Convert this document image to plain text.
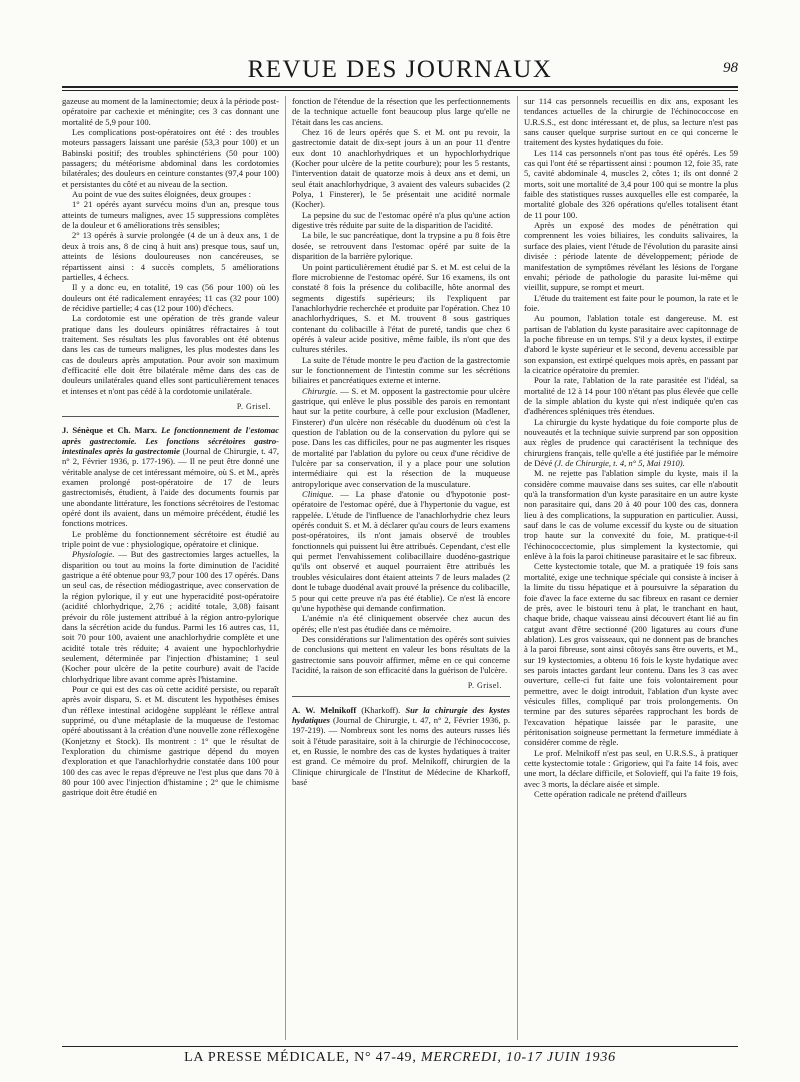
REVUE DES JOURNAUX	98

gazeuse au moment de la laminectomie; deux à la période post-opératoire par cachexie et méningite; ces 3 cas donnant une mortalité de 5,9 pour 100.

Les complications post-opératoires ont été : des troubles moteurs passagers laissant une parésie (53,3 pour 100) et un Babinski positif; des troubles sphinctériens (50 pour 100) passagers; du météorisme abdominal dans les cordotomies bilatérales; des douleurs en ceinture constantes (97,4 pour 100) et persistantes du côté et au niveau de la section.

Au point de vue des suites éloignées, deux groupes :

1° 21 opérés ayant survécu moins d'un an, presque tous atteints de tumeurs malignes, avec 15 suppressions complètes de la douleur et 6 améliorations très sensibles;

2° 13 opérés à survie prolongée (4 de un à deux ans, 1 de deux à trois ans, 8 de cinq à huit ans) presque tous, sauf un, atteints de lésions douloureuses non cancéreuses, se répartissent ainsi : 4 succès complets, 5 améliorations partielles, 4 échecs.

Il y a donc eu, en totalité, 19 cas (56 pour 100) où les douleurs ont été radicalement enrayées; 11 cas (32 pour 100) de récidive partielle; 4 cas (12 pour 100) d'échecs.

La cordotomie est une opération de très grande valeur pratique dans les douleurs opiniâtres réfractaires à tout traitement. Ses résultats les plus favorables ont été obtenus dans les cas de tumeurs malignes, les plus modestes dans les cas de douleurs après amputation. Pour avoir son maximum d'efficacité elle doit être bilatérale même dans des cas de douleurs unilatérales quand elles sont particulièrement tenaces et intenses et n'ont pas cédé à la cordotomie unilatérale.

P. Grisel.

J. Sénèque et Ch. Marx. Le fonctionnement de l'estomac après gastrectomie. Les fonctions sécrétoires gastro-intestinales après la gastrectomie (Journal de Chirurgie, t. 47, n° 2, Février 1936, p. 177-196). — Il ne peut être donné une véritable analyse de cet intéressant mémoire, où S. et M., après examen prolongé post-opératoire de 17 de leurs gastrectomisés, étudient, à l'aide des documents fournis par une abondante littérature, les fonctions sécrétoires de l'estomac opéré dont ils avaient, dans un mémoire précédent, étudié les fonctions motrices.

Le problème du fonctionnement sécrétoire est étudié au triple point de vue : physiologique, opératoire et clinique.

Physiologie. — But des gastrectomies larges actuelles, la disparition ou tout au moins la forte diminution de l'acidité gastrique a été obtenue pour 93,7 pour 100 des 17 opérés. Dans un seul cas, de résection médiogastrique, avec conservation de la région pylorique, il y eut une hyperacidité post-opératoire (acidité chlorhydrique, 2,76 ; acidité totale, 3,08) faisant prévoir du rôle justement attribué à la région antro-pylorique dans la sécrétion acide du fundus. Parmi les 16 autres cas, 11, soit 70 pour 100, avaient une anachlorhydrie complète et une acidité totale très réduite; 4 avaient une hypochlorhydrie seulement, déterminée par l'injection d'histamine; 1 seul (Kocher pour ulcère de la petite courbure) avait de l'acide chlorhydrique libre avant comme après l'histamine.

Pour ce qui est des cas où cette acidité persiste, ou reparaît après avoir disparu, S. et M. discutent les hypothèses émises d'un réflexe intestinal acidogène suppléant le réflexe antral supprimé, ou d'une métaplasie de la muqueuse de l'estomac opéré aboutissant à la création d'une nouvelle zone réflexogène (Konjetzny et Stock). Ils montrent : 1° que le résultat de l'exploration du chimisme gastrique dépend du moyen d'exploration et que l'anachlorhydrie constatée dans 100 pour 100 des cas avec le repas d'épreuve ne l'est plus que dans 70 à 80 pour 100 avec l'injection d'histamine ; 2° que le chimisme gastrique doit être étudié en

fonction de l'étendue de la résection que les perfectionnements de la technique actuelle font beaucoup plus large qu'elle ne l'était dans les cas anciens.

Chez 16 de leurs opérés que S. et M. ont pu revoir, la gastrectomie datait de dix-sept jours à un an pour 11 d'entre eux dont 10 anachlorhydriques et un hypochlorhydrique (Kocher pour ulcère de la petite courbure); pour les 5 restants, l'intervention datait de quatorze mois à deux ans et demi, un seul était anachlorhydrique, 3 avaient des valeurs subacides (2 Polya, 1 Finsterer), le 5e présentait une acidité normale (Kocher).

La pepsine du suc de l'estomac opéré n'a plus qu'une action digestive très réduite par suite de la disparition de l'acidité.

La bile, le suc pancréatique, dont la trypsine a pu 8 fois être dosée, se retrouvent dans l'estomac opéré par suite de la disparition de la barrière pylorique.

Un point particulièrement étudié par S. et M. est celui de la flore microbienne de l'estomac opéré. Sur 16 examens, ils ont constaté 8 fois la présence du colibacille, hôte anormal des segments digestifs supérieurs; ils l'expliquent par l'anachlorhydrie recherchée et produite par l'opération. Chez 10 anachlorhydriques, S. et M. trouvent 8 sous gastriques contenant du colibacille à l'état de pureté, tandis que chez 6 opérés à valeur acide positive, même faible, ils n'ont que des cultures stériles.

La suite de l'étude montre le peu d'action de la gastrectomie sur le fonctionnement de l'intestin comme sur les sécrétions biliaires et pancréatiques externe et interne.

Chirurgie. — S. et M. opposent la gastrectomie pour ulcère gastrique, qui enlève le plus possible des parois en remontant haut sur la petite courbure, à celle pour exclusion (Madlener, Finsterer) d'un ulcère non résécable du duodénum où c'est la question de l'ablation ou de la conservation du pylore qui se pose. Dans les cas difficiles, pour ne pas augmenter les risques de mortalité par l'ablation du pylore ou ceux d'une récidive de l'ulcère par sa conservation, il y a place pour une solution intermédiaire qui est la résection de la muqueuse antropylorique avec conservation de la musculature.

Clinique. — La phase d'atonie ou d'hypotonie post-opératoire de l'estomac opéré, due à l'hypertonie du vague, est rappelée. L'étude de l'influence de l'anachlorhydrie chez leurs opérés conduit S. et M. à déclarer qu'au cours de leurs examens post-opératoires, ils n'ont jamais observé de troubles fonctionnels qui puissent lui être attribués. Cependant, c'est elle qui permet l'envahissement colibacillaire duodéno-gastrique qu'ils ont observé et auquel pourraient être attribués les troubles vésiculaires dont étaient atteints 7 de leurs malades (2 dont le tubage duodénal avait prouvé la présence du colibacille, 5 pour qui cette preuve n'a pas été établie). Ce n'est là encore qu'une hypothèse qui demande confirmation.

L'anémie n'a été cliniquement observée chez aucun des opérés; elle n'est pas étudiée dans ce mémoire.

Des considérations sur l'alimentation des opérés sont suivies de conclusions qui mettent en valeur les bons résultats de la gastrectomie sans pouvoir affirmer, même en ce qui concerne l'acidité, la raison de son efficacité dans la guérison de l'ulcère.

P. Grisel.

A. W. Melnikoff (Kharkoff). Sur la chirurgie des kystes hydatiques (Journal de Chirurgie, t. 47, n° 2, Février 1936, p. 197-219). — Nombreux sont les noms des auteurs russes liés soit à l'étude parasitaire, soit à la chirurgie de l'échinococcose, et, en Russie, le nombre des cas de kystes hydatiques à traiter est grand. Ce mémoire du prof. Melnikoff, chirurgien de la Clinique chirurgicale de l'Institut de Médecine de Kharkoff, basé

sur 114 cas personnels recueillis en dix ans, exposant les tendances actuelles de la chirurgie de l'échinococcose en U.R.S.S., est donc intéressant et, de plus, sa lecture n'est pas sans causer quelque surprise surtout en ce qui concerne le traitement des kystes hydatiques du foie.

Les 114 cas personnels n'ont pas tous été opérés. Les 59 cas qui l'ont été se répartissent ainsi : poumon 12, foie 35, rate 5, cavité abdominale 4, muscles 2, côtes 1; ils ont donné 2 morts, soit une mortalité de 3,4 pour 100 qui se montre la plus faible des statistiques russes auxquelles elle est comparée, la mortalité globale des 326 opérations qu'elles totalisent étant de 11 pour 100.

Après un exposé des modes de pénétration qui comprennent les voies biliaires, les conduits salivaires, la surface des plaies, vient l'étude de l'évolution du parasite ainsi divisée : période latente de développement; période de manifestation de symptômes révélant les lésions de l'organe envahi; période de pathologie du parasite lui-même qui vieillit, suppure, se rompt et meurt.

L'étude du traitement est faite pour le poumon, la rate et le foie.

Au poumon, l'ablation totale est dangereuse. M. est partisan de l'ablation du kyste parasitaire avec capitonnage de la poche fibreuse en un temps. S'il y a deux kystes, il extirpe d'abord le kyste supérieur et le second, devenu accessible par son expansion, est extirpé quelques mois après, en passant par la cicatrice opératoire du premier.

Pour la rate, l'ablation de la rate parasitée est l'idéal, sa mortalité de 12 à 14 pour 100 n'étant pas plus élevée que celle de la simple ablation du kyste qui n'est indiquée qu'en cas d'adhérences spléniques très étendues.

La chirurgie du kyste hydatique du foie comporte plus de nouveautés et la technique suivie surprend par son opposition aux règles de prudence qui caractérisent la technique des chirurgiens français, telle qu'elle a été justifiée par le mémoire de Dévé (J. de Chirurgie, t. 4, n° 5, Mai 1910).

M. ne rejette pas l'ablation simple du kyste, mais il la considère comme mauvaise dans ses suites, car elle n'aboutit qu'à la transformation d'un kyste parasitaire en un autre kyste non parasitaire qui, dans 20 à 40 pour 100 des cas, donnera lieu à des complications, la suppuration en particulier. Aussi, sauf dans le cas de volume excessif du kyste ou de situation trop haute sur la convexité du foie, M. pratique-t-il l'échinococcectomie, plus simplement la kystectomie, qui enlève à la fois la paroi chitineuse parasitaire et le sac fibreux.

Cette kystectomie totale, que M. a pratiquée 19 fois sans mortalité, exige une technique spéciale qui consiste à inciser à la limite du tissu hépatique et à poursuivre la séparation du foie d'avec la face externe du sac fibreux en rasant ce dernier de près, avec le bistouri tenu à plat, le tranchant en haut, chaque bride, chaque vaisseau ainsi découvert étant lié au fin catgut avant d'être sectionné (200 ligatures au cours d'une ablation). Les gros vaisseaux, qui ne donnent pas de branches à la paroi fibreuse, sont ainsi côtoyés sans être ouverts, et M., sur 19 kystectomies, a obtenu 16 fois le kyste hydatique avec ses parois intactes gardant leur contenu. Dans les 3 cas avec ouverture, celle-ci fut faite une fois volontairement pour permettre, avec le doigt introduit, l'ablation d'un kyste avec vésicules filles, compliqué par trois prolongements. On termine par des sutures séparées rapprochant les bords de l'excavation hépatique laissée par le parasite, une péritonisation soigneuse permettant la fermeture immédiate à considérer comme de règle.

Le prof. Melnikoff n'est pas seul, en U.R.S.S., à pratiquer cette kystectomie totale : Grigoriew, qui l'a faite 14 fois, avec une mort, la déclare difficile, et Solovieff, qui l'a faite 19 fois, avec 3 morts, la déclare aisée et simple.

Cette opération radicale ne prétend d'ailleurs

LA PRESSE MÉDICALE, N° 47-49, MERCREDI, 10-17 JUIN 1936
